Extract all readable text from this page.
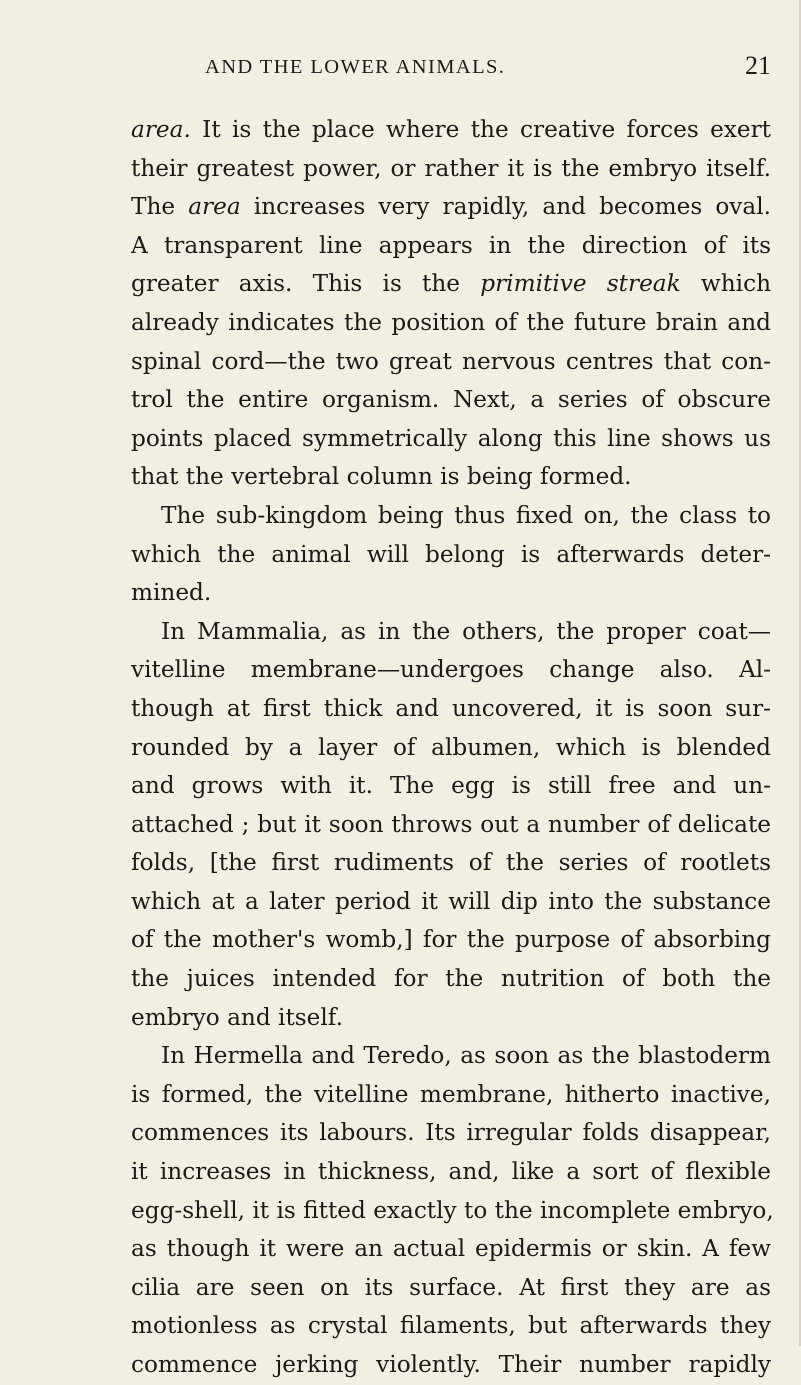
AND THE LOWER ANIMALS.	21
area. It is the place where the creative forces exert
their greatest power, or rather it is the embryo itself.
The area increases very rapidly, and becomes oval.
A transparent line appears in the direction of its
greater axis. This is the primitive streak which
already indicates the position of the future brain and
spinal cord—the two great nervous centres that con-
trol the entire organism. Next, a series of obscure
points placed symmetrically along this line shows us
that the vertebral column is being formed.
The sub-kingdom being thus fixed on, the class to
which the animal will belong is afterwards deter-
mined.
In Mammalia, as in the others, the proper coat—
vitelline membrane—undergoes change also. Al-
though at first thick and uncovered, it is soon sur-
rounded by a layer of albumen, which is blended
and grows with it. The egg is still free and un-
attached ; but it soon throws out a number of delicate
folds, [the first rudiments of the series of rootlets
which at a later period it will dip into the substance
of the mother's womb,] for the purpose of absorbing
the juices intended for the nutrition of both the
embryo and itself.
In Hermella and Teredo, as soon as the blastoderm
is formed, the vitelline membrane, hitherto inactive,
commences its labours. Its irregular folds disappear,
it increases in thickness, and, like a sort of flexible
egg-shell, it is fitted exactly to the incomplete embryo,
as though it were an actual epidermis or skin. A few
cilia are seen on its surface. At first they are as
motionless as crystal filaments, but afterwards they
commence jerking violently. Their number rapidly
